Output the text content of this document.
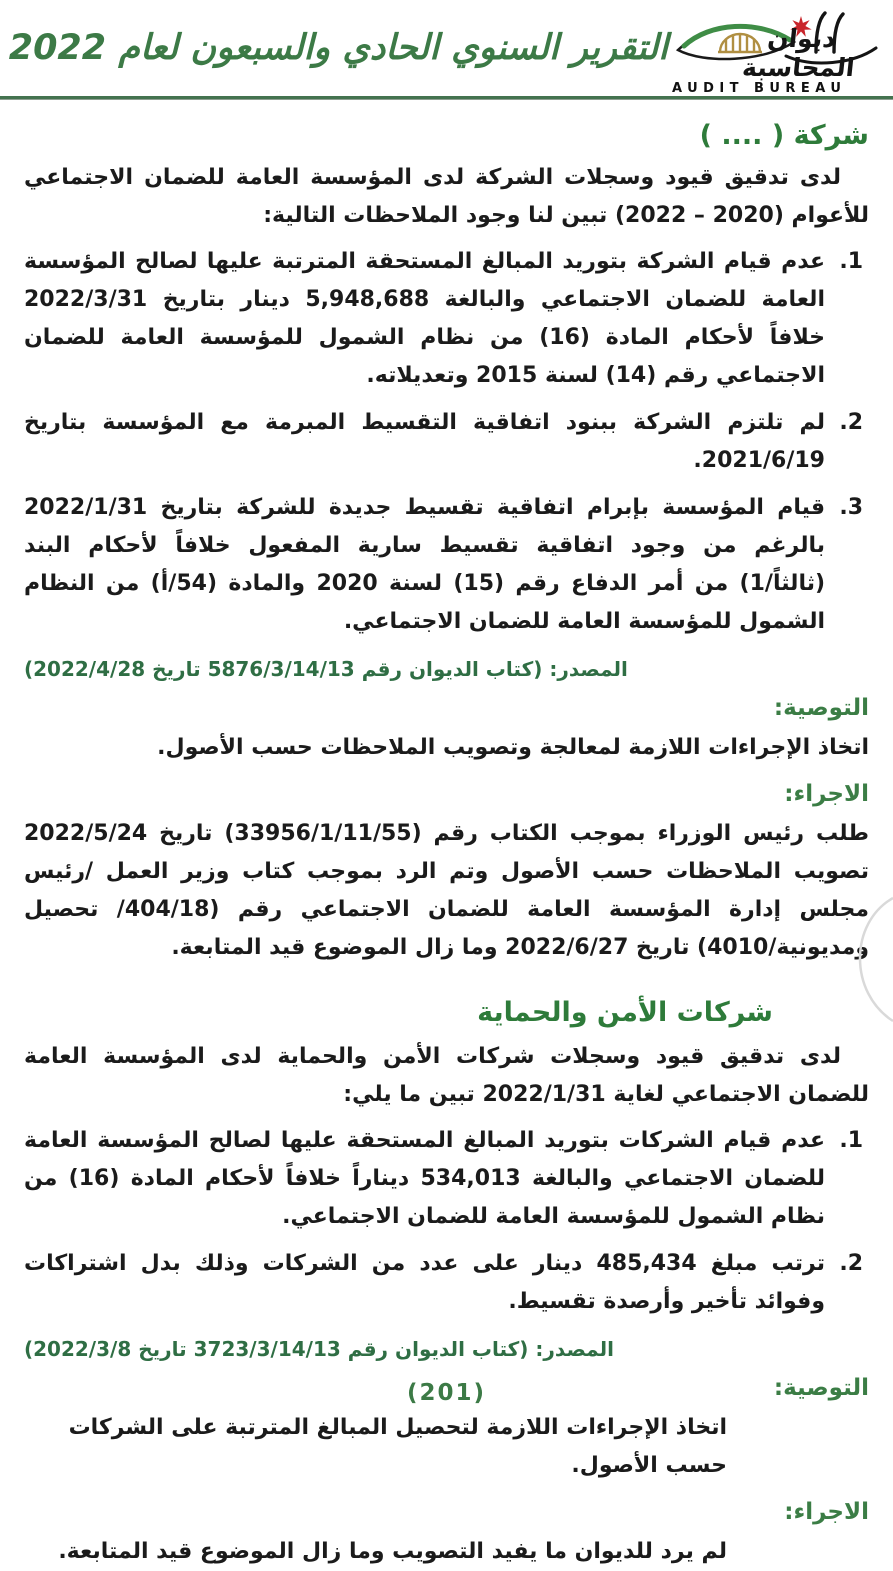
ديوان المحاسبة
AUDIT BUREAU
التقرير السنوي الحادي والسبعون لعام 2022
شركة ( .... )

لدى تدقيق قيود وسجلات الشركة لدى المؤسسة العامة للضمان الاجتماعي للأعوام (2020 – 2022) تبين لنا وجود الملاحظات التالية:

1.
عدم قيام الشركة بتوريد المبالغ المستحقة المترتبة عليها لصالح المؤسسة العامة للضمان الاجتماعي والبالغة 5,948,688 دينار بتاريخ 2022/3/31 خلافاً لأحكام المادة (16) من نظام الشمول للمؤسسة العامة للضمان الاجتماعي رقم (14) لسنة 2015 وتعديلاته.
2.
لم تلتزم الشركة ببنود اتفاقية التقسيط المبرمة مع المؤسسة بتاريخ 2021/6/19.
3.
قيام المؤسسة بإبرام اتفاقية تقسيط جديدة للشركة بتاريخ 2022/1/31 بالرغم من وجود اتفاقية تقسيط سارية المفعول خلافاً لأحكام البند (ثالثاً/1) من أمر الدفاع رقم (15) لسنة 2020 والمادة (54/أ) من النظام الشمول للمؤسسة العامة للضمان الاجتماعي.
المصدر: (كتاب الديوان رقم 5876/3/14/13 تاريخ 2022/4/28)
التوصية:

اتخاذ الإجراءات اللازمة لمعالجة وتصويب الملاحظات حسب الأصول.

الاجراء:

طلب رئيس الوزراء بموجب الكتاب رقم (33956/1/11/55) تاريخ 2022/5/24 تصويب الملاحظات حسب الأصول وتم الرد بموجب كتاب وزير العمل /رئيس مجلس إدارة المؤسسة العامة للضمان الاجتماعي رقم (404/18/ تحصيل ومديونية/4010) تاريخ 2022/6/27 وما زال الموضوع قيد المتابعة.

شركات الأمن والحماية

لدى تدقيق قيود وسجلات شركات الأمن والحماية لدى المؤسسة العامة للضمان الاجتماعي لغاية 2022/1/31 تبين ما يلي:

1.
عدم قيام الشركات بتوريد المبالغ المستحقة عليها لصالح المؤسسة العامة للضمان الاجتماعي والبالغة 534,013 ديناراً خلافاً لأحكام المادة (16) من نظام الشمول للمؤسسة العامة للضمان الاجتماعي.
2.
ترتب مبلغ 485,434 دينار على عدد من الشركات وذلك بدل اشتراكات وفوائد تأخير وأرصدة تقسيط.
المصدر: (كتاب الديوان رقم 3723/3/14/13 تاريخ 2022/3/8)
التوصية:

اتخاذ الإجراءات اللازمة لتحصيل المبالغ المترتبة على الشركات حسب الأصول.

الاجراء:

لم يرد للديوان ما يفيد التصويب وما زال الموضوع قيد المتابعة.

(201)
